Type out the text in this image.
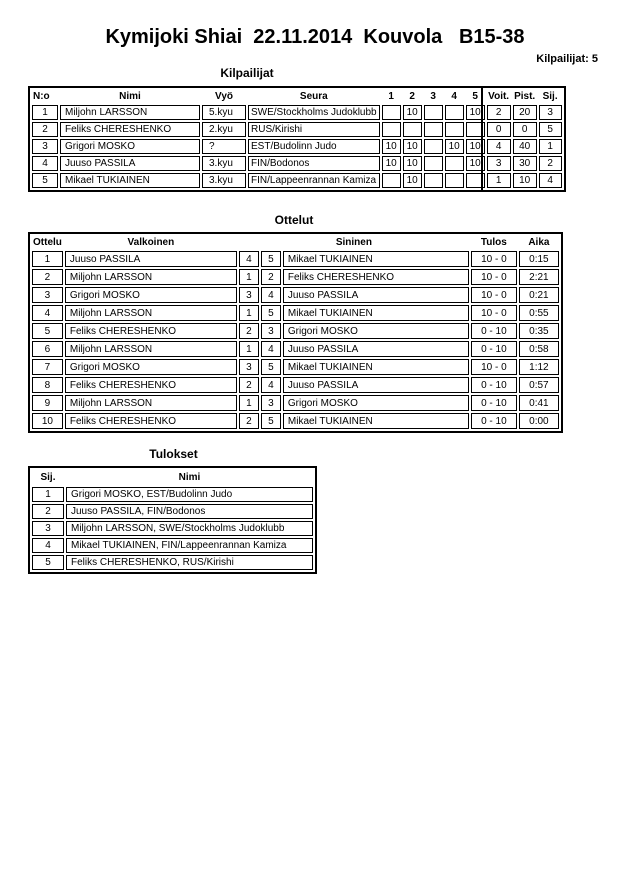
Kymijoki Shiai  22.11.2014  Kouvola   B15-38
Kilpailijat: 5
Kilpailijat
N:o	Nimi	Vyö	Seura	1	2	3	4	5	Voit.	Pist.	Sij.
1	Miljohn LARSSON	5.kyu	SWE/Stockholms Judoklubb		10			10	2	20	3
2	Feliks CHERESHENKO	2.kyu	RUS/Kirishi						0	0	5
3	Grigori MOSKO	?	EST/Budolinn Judo	10	10		10	10	4	40	1
4	Juuso PASSILA	3.kyu	FIN/Bodonos	10	10			10	3	30	2
5	Mikael TUKIAINEN	3.kyu	FIN/Lappeenrannan Kamiza		10				1	10	4
Ottelut
Ottelu	Valkoinen	Sininen			Tulos	Aika
1	Juuso PASSILA	4	5	Mikael TUKIAINEN	10 - 0	0:15
2	Miljohn LARSSON	1	2	Feliks CHERESHENKO	10 - 0	2:21
3	Grigori MOSKO	3	4	Juuso PASSILA	10 - 0	0:21
4	Miljohn LARSSON	1	5	Mikael TUKIAINEN	10 - 0	0:55
5	Feliks CHERESHENKO	2	3	Grigori MOSKO	0 - 10	0:35
6	Miljohn LARSSON	1	4	Juuso PASSILA	0 - 10	0:58
7	Grigori MOSKO	3	5	Mikael TUKIAINEN	10 - 0	1:12
8	Feliks CHERESHENKO	2	4	Juuso PASSILA	0 - 10	0:57
9	Miljohn LARSSON	1	3	Grigori MOSKO	0 - 10	0:41
10	Feliks CHERESHENKO	2	5	Mikael TUKIAINEN	0 - 10	0:00
Tulokset
Sij.	Nimi
1	Grigori MOSKO, EST/Budolinn Judo
2	Juuso PASSILA, FIN/Bodonos
3	Miljohn LARSSON, SWE/Stockholms Judoklubb
4	Mikael TUKIAINEN, FIN/Lappeenrannan Kamiza
5	Feliks CHERESHENKO, RUS/Kirishi
